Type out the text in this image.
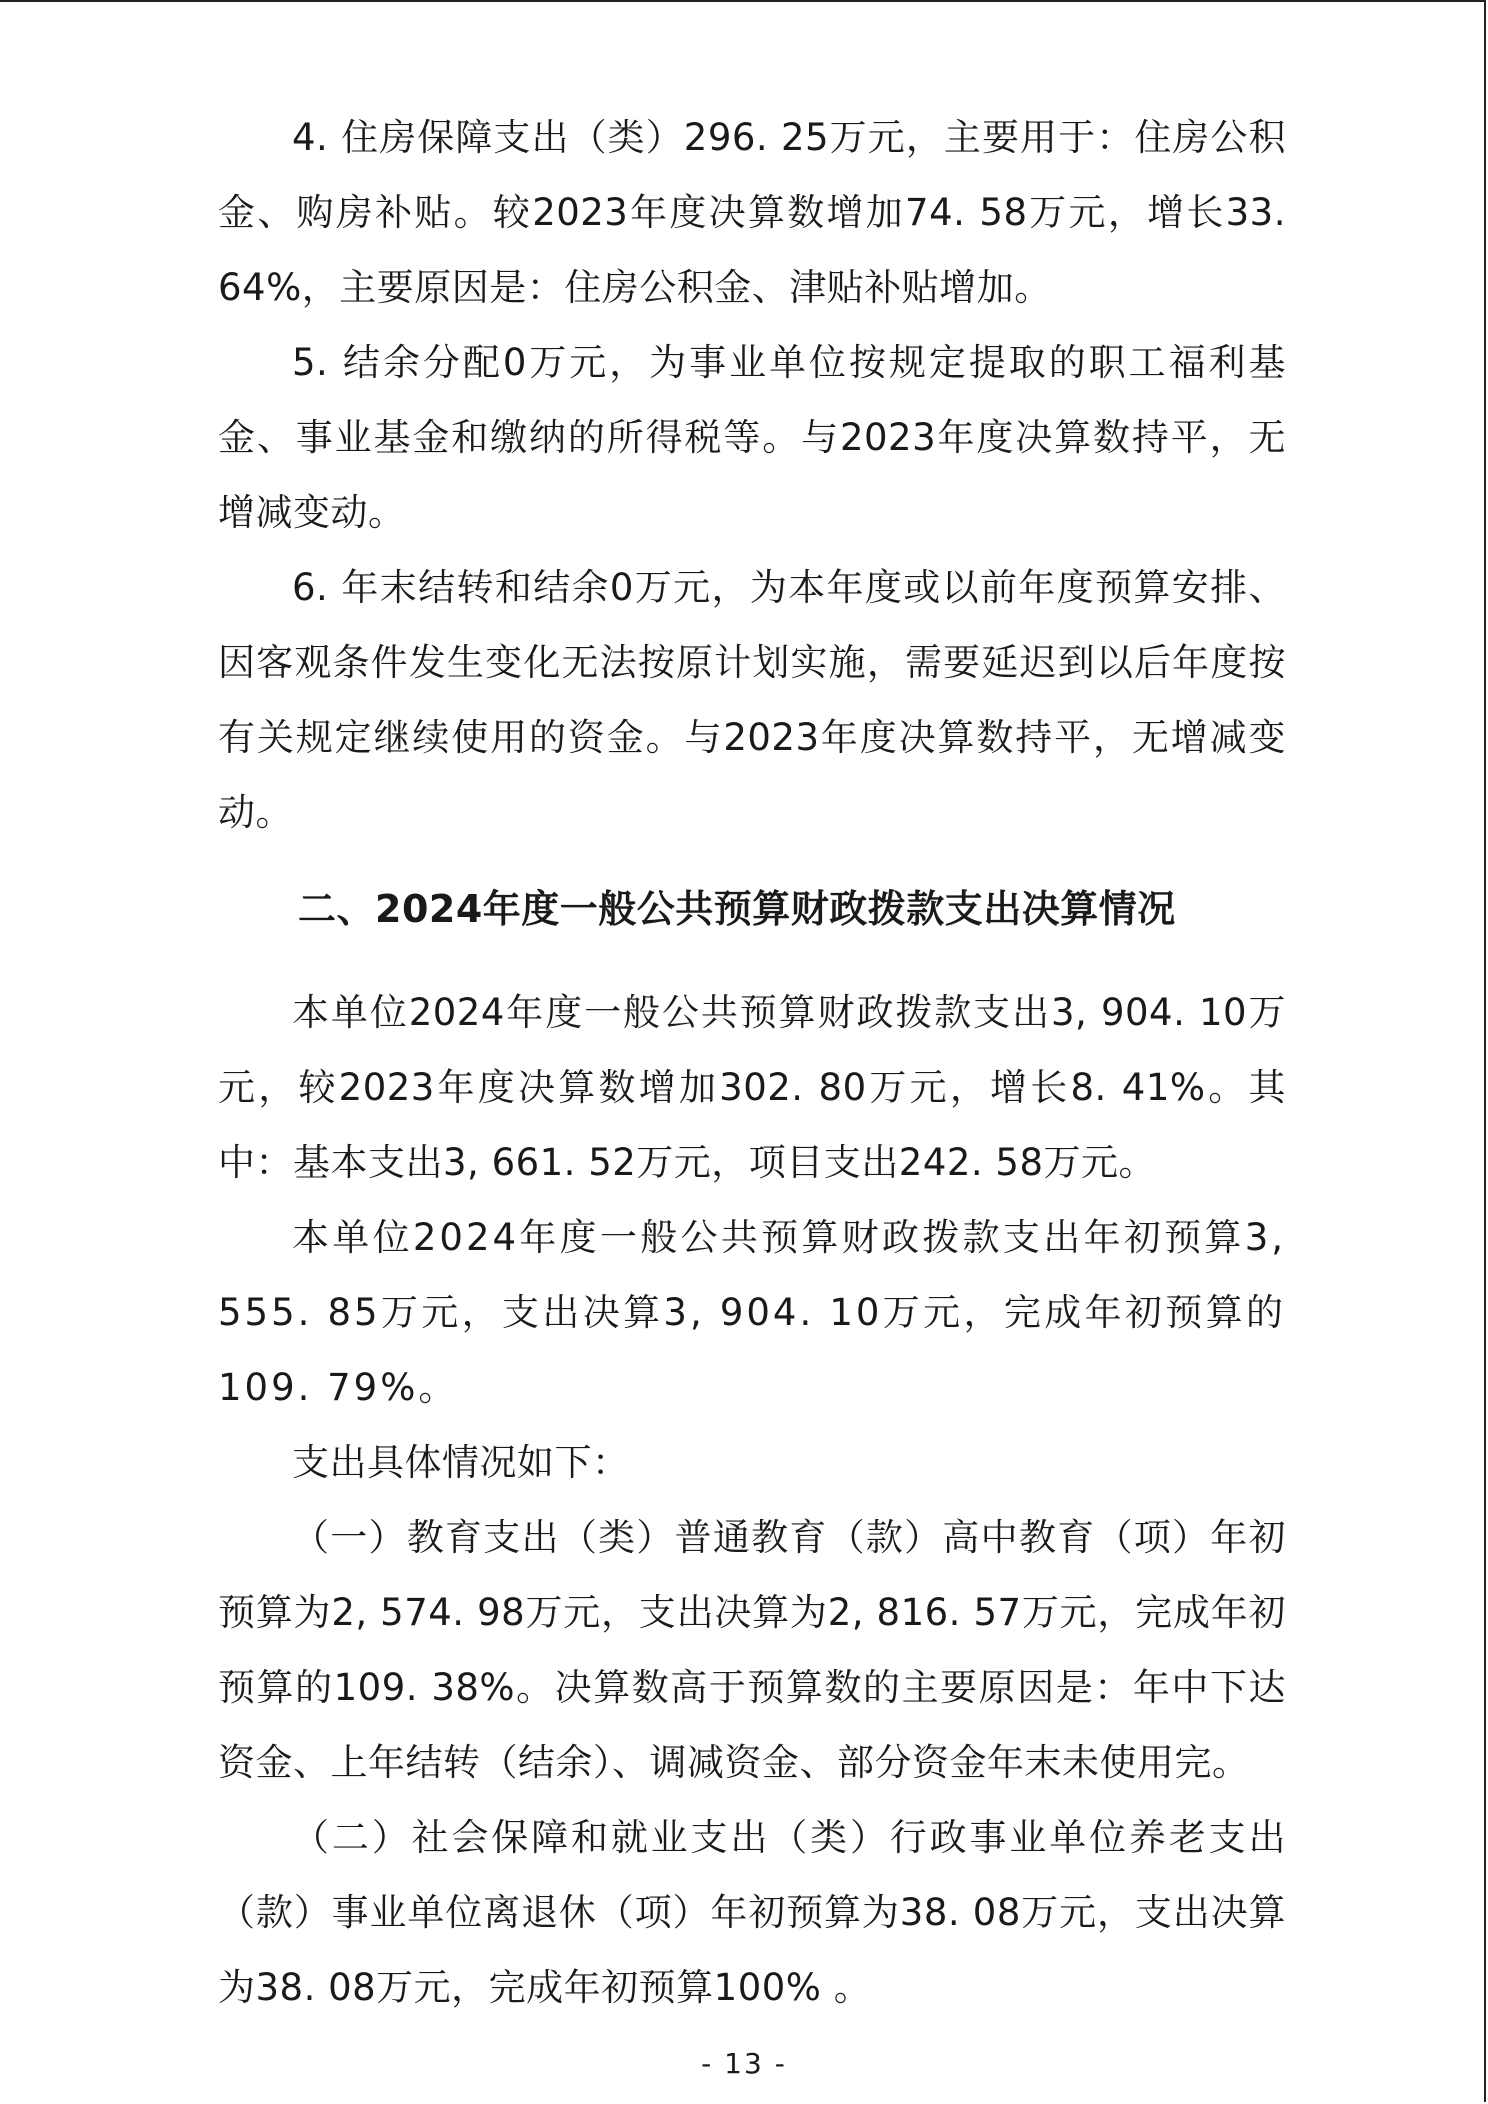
4. 住房保障支出（类）296. 25万元，主要用于：住房公积金、购房补贴。较2023年度决算数增加74. 58万元，增长33. 64%，主要原因是：住房公积金、津贴补贴增加。

5. 结余分配0万元，为事业单位按规定提取的职工福利基金、事业基金和缴纳的所得税等。与2023年度决算数持平，无增减变动。

6. 年末结转和结余0万元，为本年度或以前年度预算安排、因客观条件发生变化无法按原计划实施，需要延迟到以后年度按有关规定继续使用的资金。与2023年度决算数持平，无增减变动。

二、2024年度一般公共预算财政拨款支出决算情况

本单位2024年度一般公共预算财政拨款支出3, 904. 10万元，较2023年度决算数增加302. 80万元，增长8. 41%。其中：基本支出3, 661. 52万元，项目支出242. 58万元。

本单位2024年度一般公共预算财政拨款支出年初预算3, 555. 85万元，支出决算3, 904. 10万元，完成年初预算的109. 79%。

支出具体情况如下：

（一）教育支出（类）普通教育（款）高中教育（项）年初预算为2, 574. 98万元，支出决算为2, 816. 57万元，完成年初预算的109. 38%。决算数高于预算数的主要原因是：年中下达资金、上年结转（结余）、调减资金、部分资金年末未使用完。

（二）社会保障和就业支出（类）行政事业单位养老支出（款）事业单位离退休（项）年初预算为38. 08万元，支出决算为38. 08万元，完成年初预算100% 。

- 13 -
